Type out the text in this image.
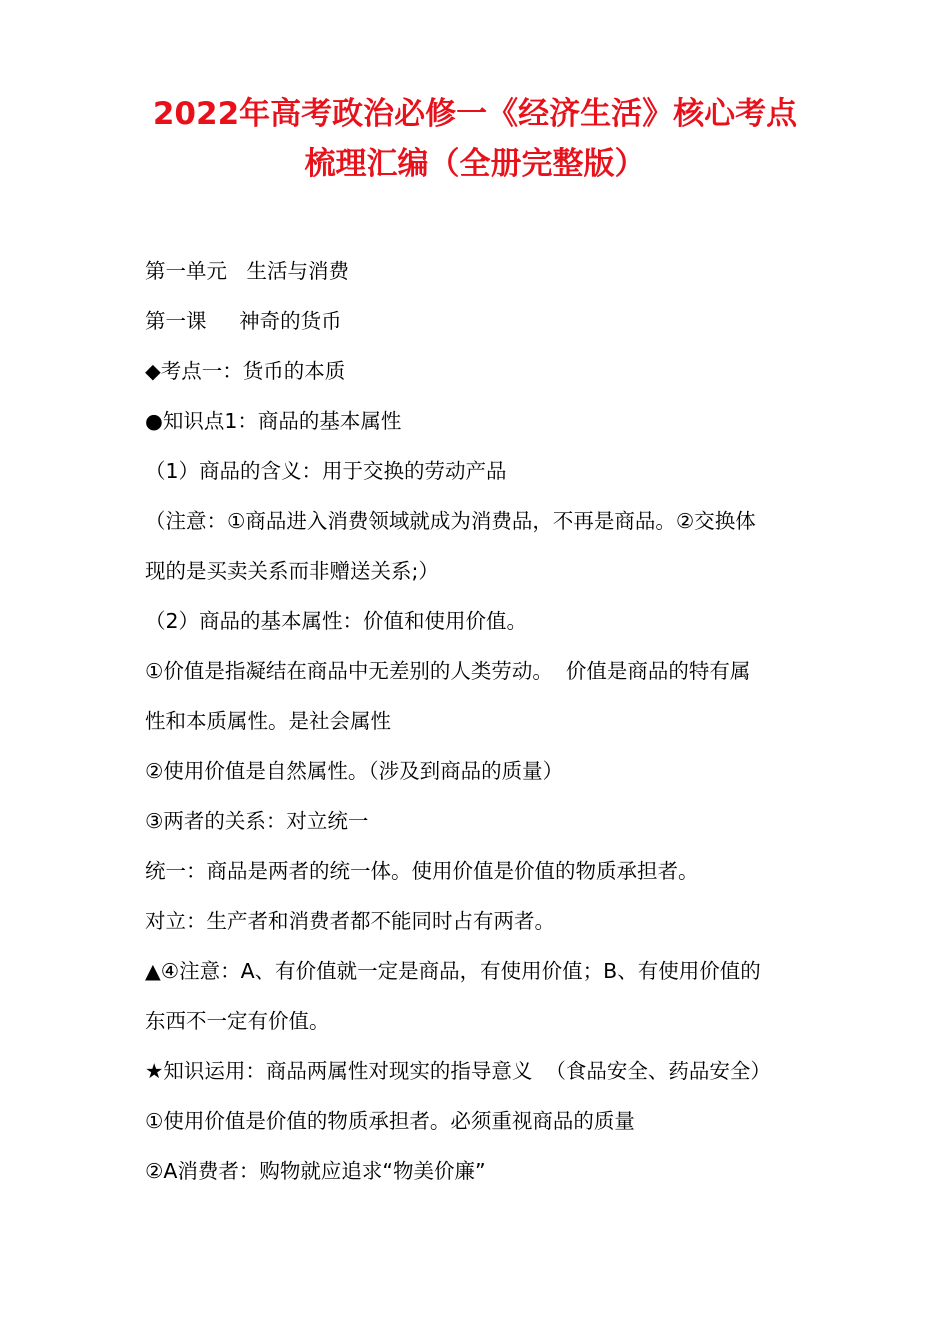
2022年高考政治必修一《经济生活》核心考点
梳理汇编（全册完整版）
第一单元   生活与消费
第一课     神奇的货币
◆考点一：货币的本质
●知识点1：商品的基本属性
（1）商品的含义：用于交换的劳动产品
（注意：①商品进入消费领域就成为消费品，不再是商品。②交换体
现的是买卖关系而非赠送关系;）
（2）商品的基本属性：价值和使用价值。
①价值是指凝结在商品中无差别的人类劳动。  价值是商品的特有属
性和本质属性。是社会属性
②使用价值是自然属性。（涉及到商品的质量）
③两者的关系：对立统一
统一：商品是两者的统一体。使用价值是价值的物质承担者。
对立：生产者和消费者都不能同时占有两者。
▲④注意：A、有价值就一定是商品，有使用价值；B、有使用价值的
东西不一定有价值。
★知识运用：商品两属性对现实的指导意义  （食品安全、药品安全）
①使用价值是价值的物质承担者。必须重视商品的质量
②A消费者：购物就应追求“物美价廉”
